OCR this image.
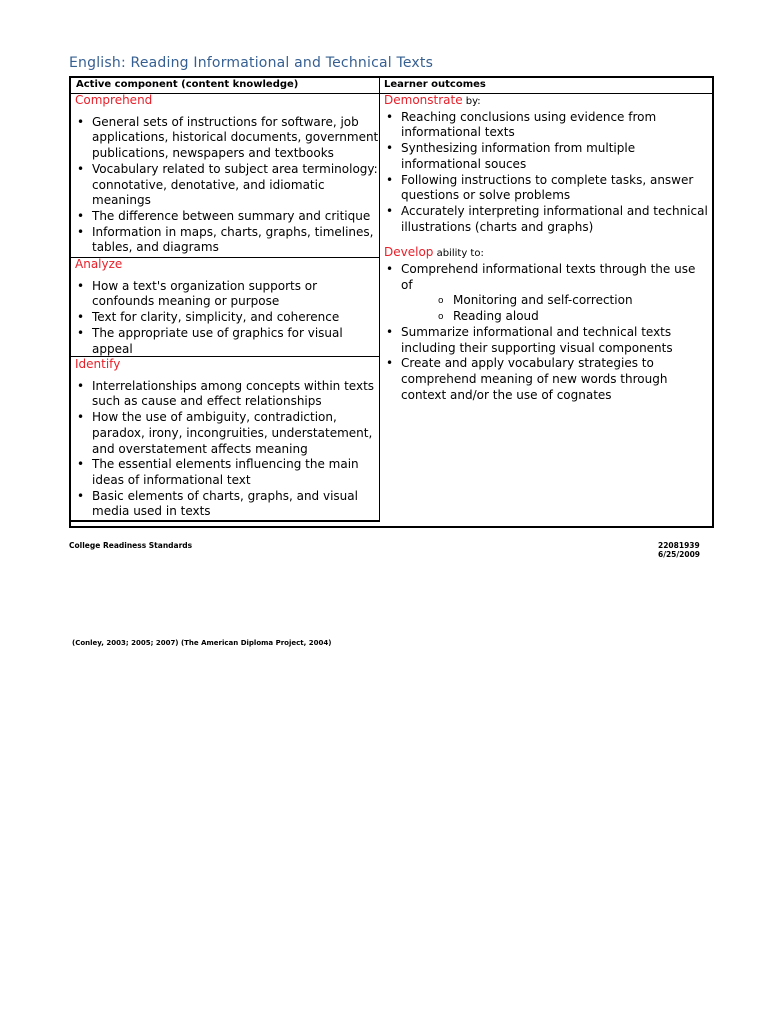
English: Reading Informational and Technical Texts
Active component (content knowledge)	Learner outcomes
Comprehend
• General sets of instructions for software, job applications, historical documents, government publications, newspapers and textbooks
• Vocabulary related to subject area terminology: connotative, denotative, and idiomatic meanings
• The difference between summary and critique
• Information in maps, charts, graphs, timelines, tables, and diagrams
Analyze
• How a text's organization supports or confounds meaning or purpose
• Text for clarity, simplicity, and coherence
• The appropriate use of graphics for visual appeal
Identify
• Interrelationships among concepts within texts such as cause and effect relationships
• How the use of ambiguity, contradiction, paradox, irony, incongruities, understatement, and overstatement affects meaning
• The essential elements influencing the main ideas of informational text
• Basic elements of charts, graphs, and visual media used in texts
Demonstrate by:
• Reaching conclusions using evidence from informational texts
• Synthesizing information from multiple informational souces
• Following instructions to complete tasks, answer questions or solve problems
• Accurately interpreting informational and technical illustrations (charts and graphs)
Develop ability to:
• Comprehend informational texts through the use of
o Monitoring and self-correction
o Reading aloud
• Summarize informational and technical texts including their supporting visual components
• Create and apply vocabulary strategies to comprehend meaning of new words through context and/or the use of cognates
College Readiness Standards	22081939
6/25/2009
(Conley, 2003; 2005; 2007) (The American Diploma Project, 2004)
